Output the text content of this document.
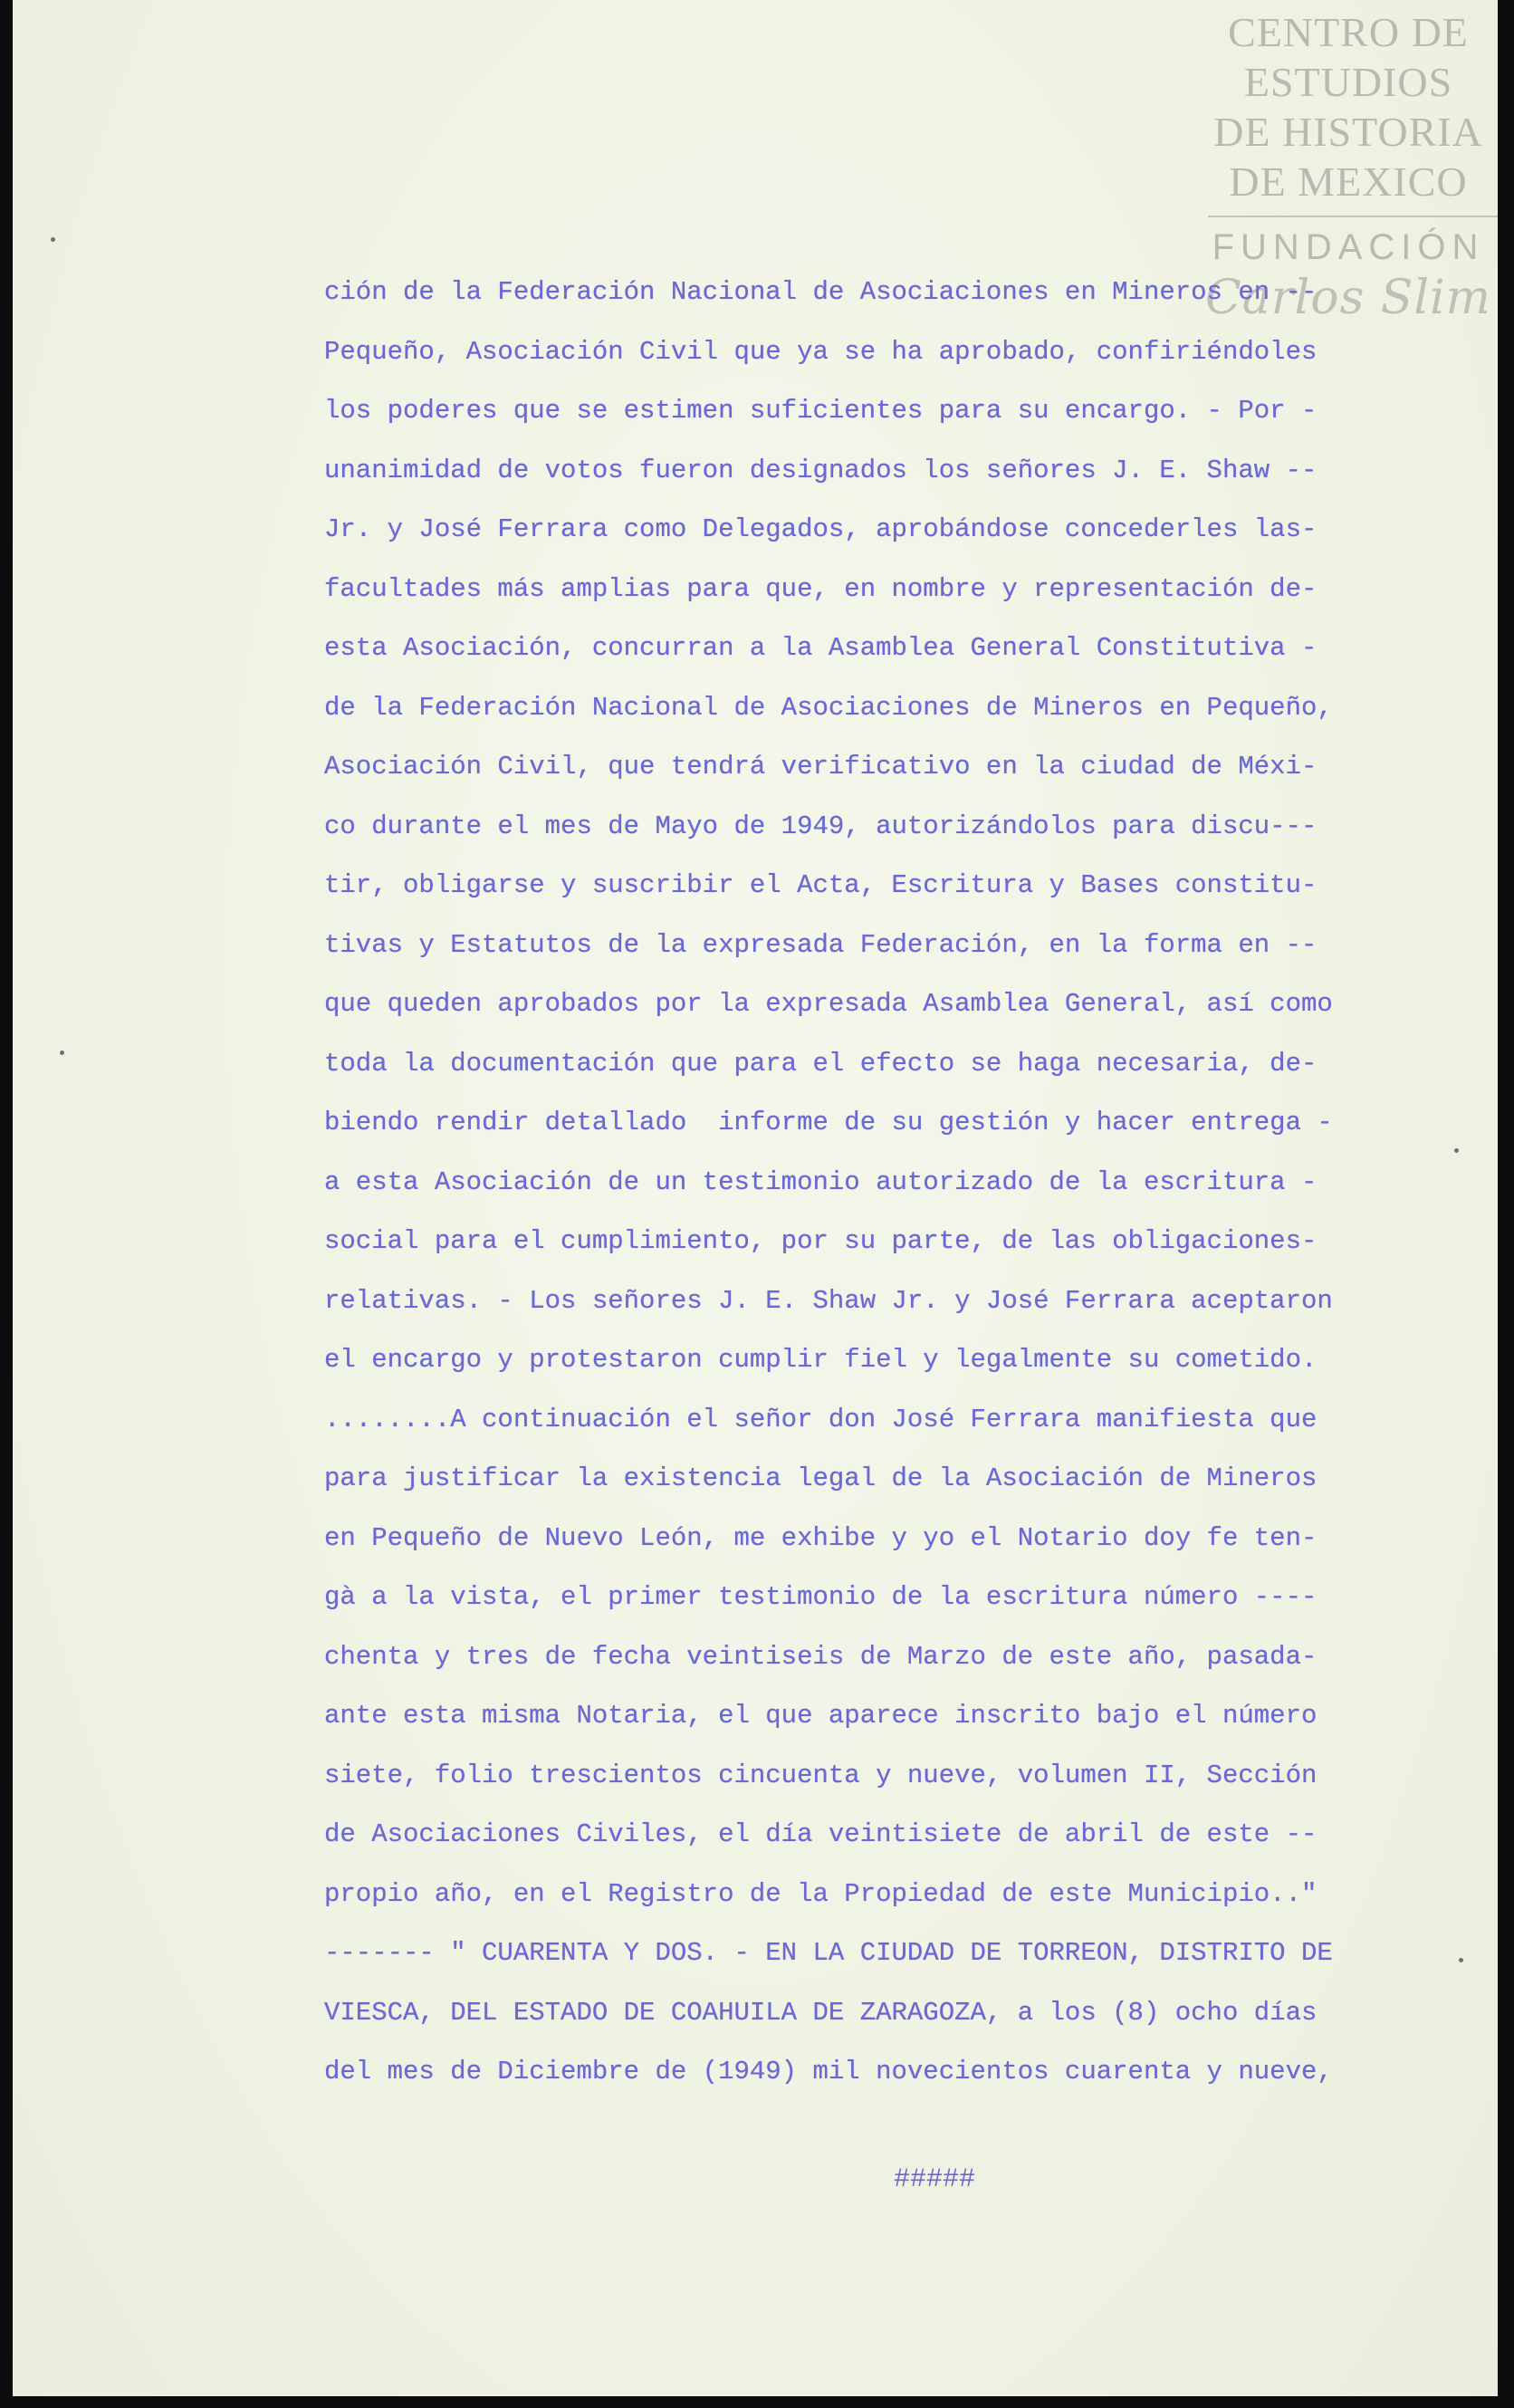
CENTRO DE
ESTUDIOS
DE HISTORIA
DE MEXICO
FUNDACIÓN
Carlos Slim
ción de la Federación Nacional de Asociaciones en Mineros en --
Pequeño, Asociación Civil que ya se ha aprobado, confiriéndoles
los poderes que se estimen suficientes para su encargo. - Por -
unanimidad de votos fueron designados los señores J. E. Shaw --
Jr. y José Ferrara como Delegados, aprobándose concederles las-
facultades más amplias para que, en nombre y representación de-
esta Asociación, concurran a la Asamblea General Constitutiva -
de la Federación Nacional de Asociaciones de Mineros en Pequeño,
Asociación Civil, que tendrá verificativo en la ciudad de Méxi-
co durante el mes de Mayo de 1949, autorizándolos para discu---
tir, obligarse y suscribir el Acta, Escritura y Bases constitu-
tivas y Estatutos de la expresada Federación, en la forma en --
que queden aprobados por la expresada Asamblea General, así como
toda la documentación que para el efecto se haga necesaria, de-
biendo rendir detallado  informe de su gestión y hacer entrega -
a esta Asociación de un testimonio autorizado de la escritura -
social para el cumplimiento, por su parte, de las obligaciones-
relativas. - Los señores J. E. Shaw Jr. y José Ferrara aceptaron
el encargo y protestaron cumplir fiel y legalmente su cometido.
........A continuación el señor don José Ferrara manifiesta que
para justificar la existencia legal de la Asociación de Mineros
en Pequeño de Nuevo León, me exhibe y yo el Notario doy fe ten-
gà a la vista, el primer testimonio de la escritura número ----
chenta y tres de fecha veintiseis de Marzo de este año, pasada-
ante esta misma Notaria, el que aparece inscrito bajo el número
siete, folio trescientos cincuenta y nueve, volumen II, Sección
de Asociaciones Civiles, el día veintisiete de abril de este --
propio año, en el Registro de la Propiedad de este Municipio.."
------- " CUARENTA Y DOS. - EN LA CIUDAD DE TORREON, DISTRITO DE
VIESCA, DEL ESTADO DE COAHUILA DE ZARAGOZA, a los (8) ocho días
del mes de Diciembre de (1949) mil novecientos cuarenta y nueve,
#####
